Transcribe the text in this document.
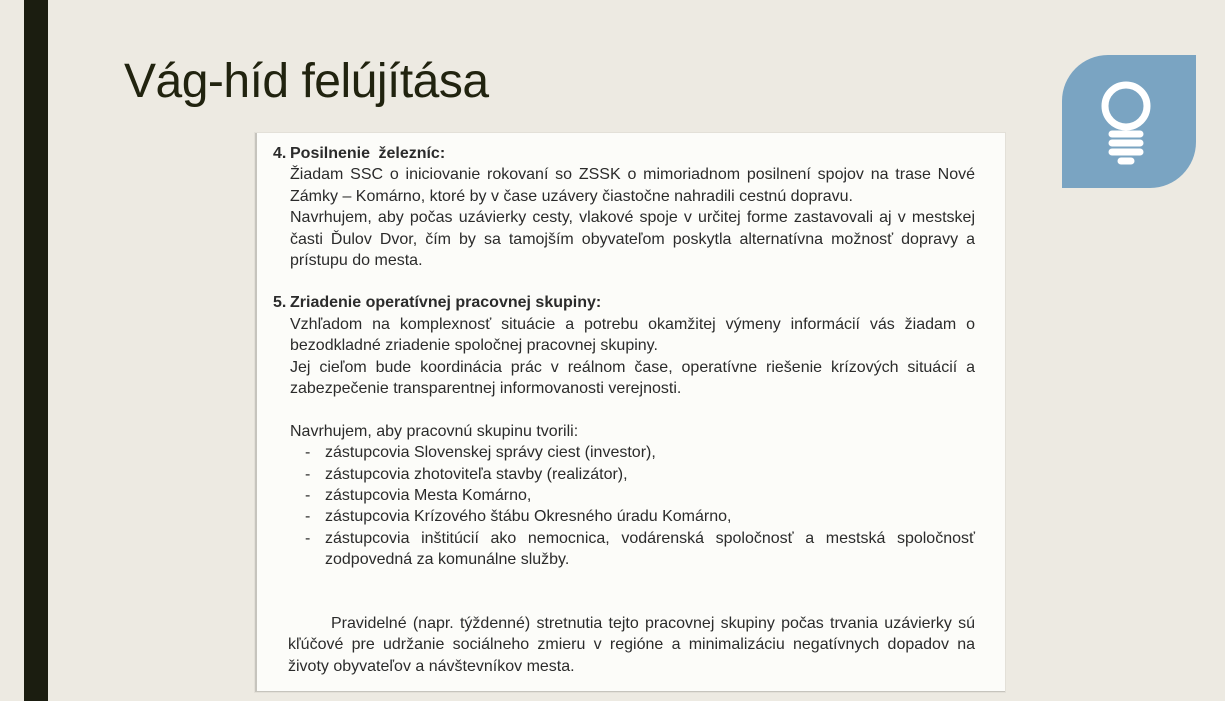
Vág-híd felújítása
4. Posilnenie železníc:

Žiadam SSC o iniciovanie rokovaní so ZSSK o mimoriadnom posilnení spojov na trase Nové Zámky – Komárno, ktoré by v čase uzávery čiastočne nahradili cestnú dopravu.

Navrhujem, aby počas uzávierky cesty, vlakové spoje v určitej forme zastavovali aj v mestskej časti Ďulov Dvor, čím by sa tamojším obyvateľom poskytla alternatívna možnosť dopravy a prístupu do mesta.

5. Zriadenie operatívnej pracovnej skupiny:

Vzhľadom na komplexnosť situácie a potrebu okamžitej výmeny informácií vás žiadam o bezodkladné zriadenie spoločnej pracovnej skupiny.

Jej cieľom bude koordinácia prác v reálnom čase, operatívne riešenie krízových situácií a zabezpečenie transparentnej informovanosti verejnosti.

Navrhujem, aby pracovnú skupinu tvorili:

- zástupcovia Slovenskej správy ciest (investor),
- zástupcovia zhotoviteľa stavby (realizátor),
- zástupcovia Mesta Komárno,
- zástupcovia Krízového štábu Okresného úradu Komárno,
- zástupcovia inštitúcií ako nemocnica, vodárenská spoločnosť a mestská spoločnosť zodpovedná za komunálne služby.

Pravidelné (napr. týždenné) stretnutia tejto pracovnej skupiny počas trvania uzávierky sú kľúčové pre udržanie sociálneho zmieru v regióne a minimalizáciu negatívnych dopadov na životy obyvateľov a návštevníkov mesta.
